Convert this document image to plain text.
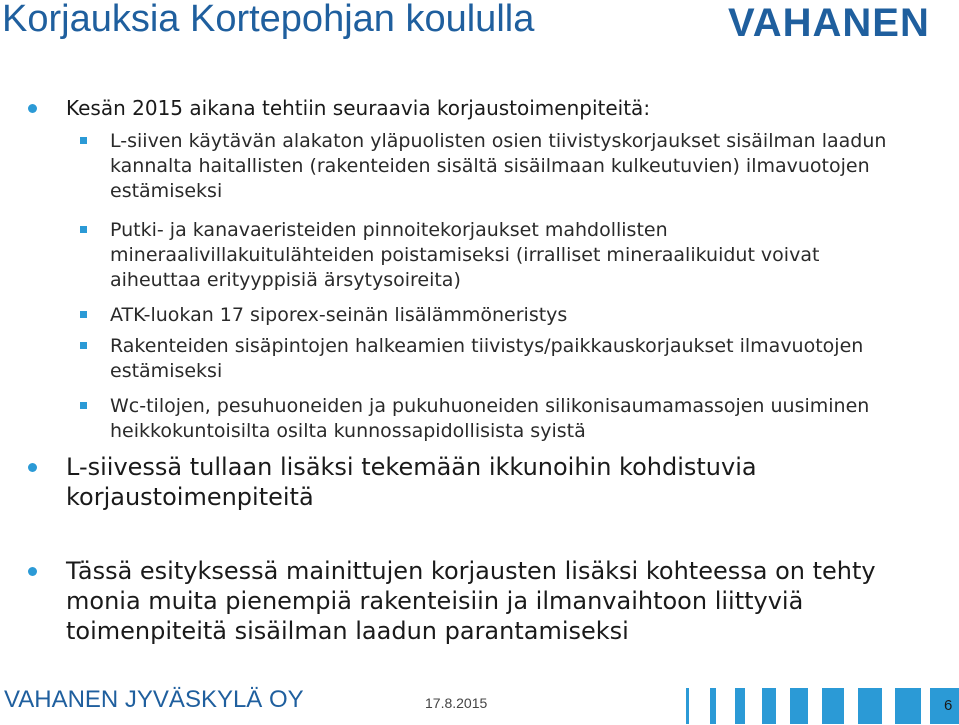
Korjauksia Kortepohjan koululla	VAHANEN
Kesän 2015 aikana tehtiin seuraavia korjaustoimenpiteitä:
L-siiven käytävän alakaton yläpuolisten osien tiivistyskorjaukset sisäilman laadun kannalta haitallisten (rakenteiden sisältä sisäilmaan kulkeutuvien) ilmavuotojen estämiseksi
Putki- ja kanavaeristeiden pinnoitekorjaukset mahdollisten mineraalivillakuitulähteiden poistamiseksi (irralliset mineraalikuidut voivat aiheuttaa erityyppisiä ärsytysoireita)
ATK-luokan 17 siporex-seinän lisälämmöneristys
Rakenteiden sisäpintojen halkeamien tiivistys/paikkauskorjaukset ilmavuotojen estämiseksi
Wc-tilojen, pesuhuoneiden ja pukuhuoneiden silikonisaumamassojen uusiminen heikkokuntoisilta osilta kunnossapidollisista syistä
L-siivessä tullaan lisäksi tekemään ikkunoihin kohdistuvia korjaustoimenpiteitä
Tässä esityksessä mainittujen korjausten lisäksi kohteessa on tehty monia muita pienempiä rakenteisiin ja ilmanvaihtoon liittyviä toimenpiteitä sisäilman laadun parantamiseksi
VAHANEN JYVÄSKYLÄ OY	17.8.2015	6
